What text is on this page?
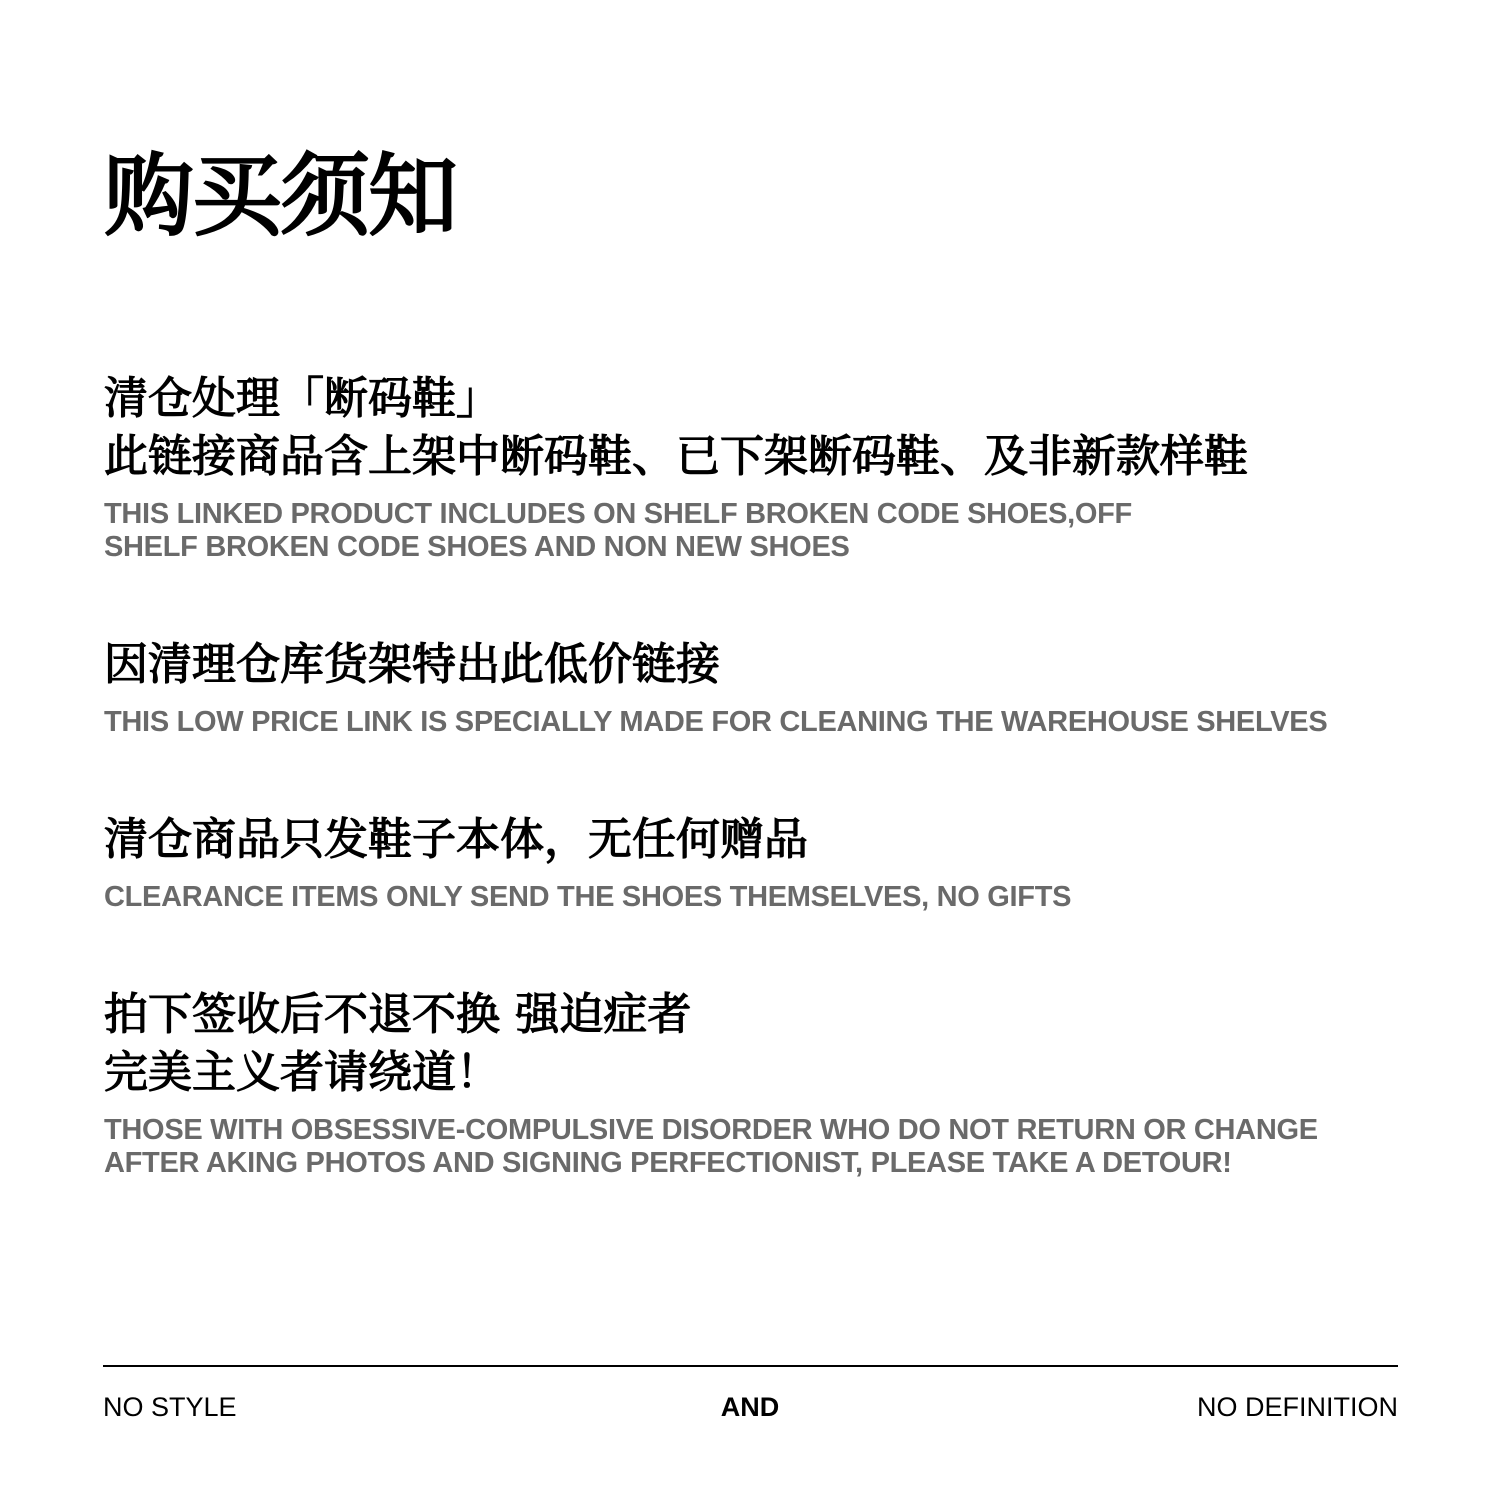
购买须知
清仓处理「断码鞋」
此链接商品含上架中断码鞋、已下架断码鞋、及非新款样鞋
THIS LINKED PRODUCT INCLUDES ON SHELF BROKEN CODE SHOES,OFF
SHELF BROKEN CODE SHOES AND NON NEW SHOES
因清理仓库货架特出此低价链接
THIS LOW PRICE LINK IS SPECIALLY MADE FOR CLEANING THE WAREHOUSE SHELVES
清仓商品只发鞋子本体，无任何赠品
CLEARANCE ITEMS ONLY SEND THE SHOES THEMSELVES, NO GIFTS
拍下签收后不退不换 强迫症者
完美主义者请绕道！
THOSE WITH OBSESSIVE-COMPULSIVE DISORDER WHO DO NOT RETURN OR CHANGE
AFTER AKING PHOTOS AND SIGNING PERFECTIONIST, PLEASE TAKE A DETOUR!
NO STYLE	AND	NO DEFINITION
